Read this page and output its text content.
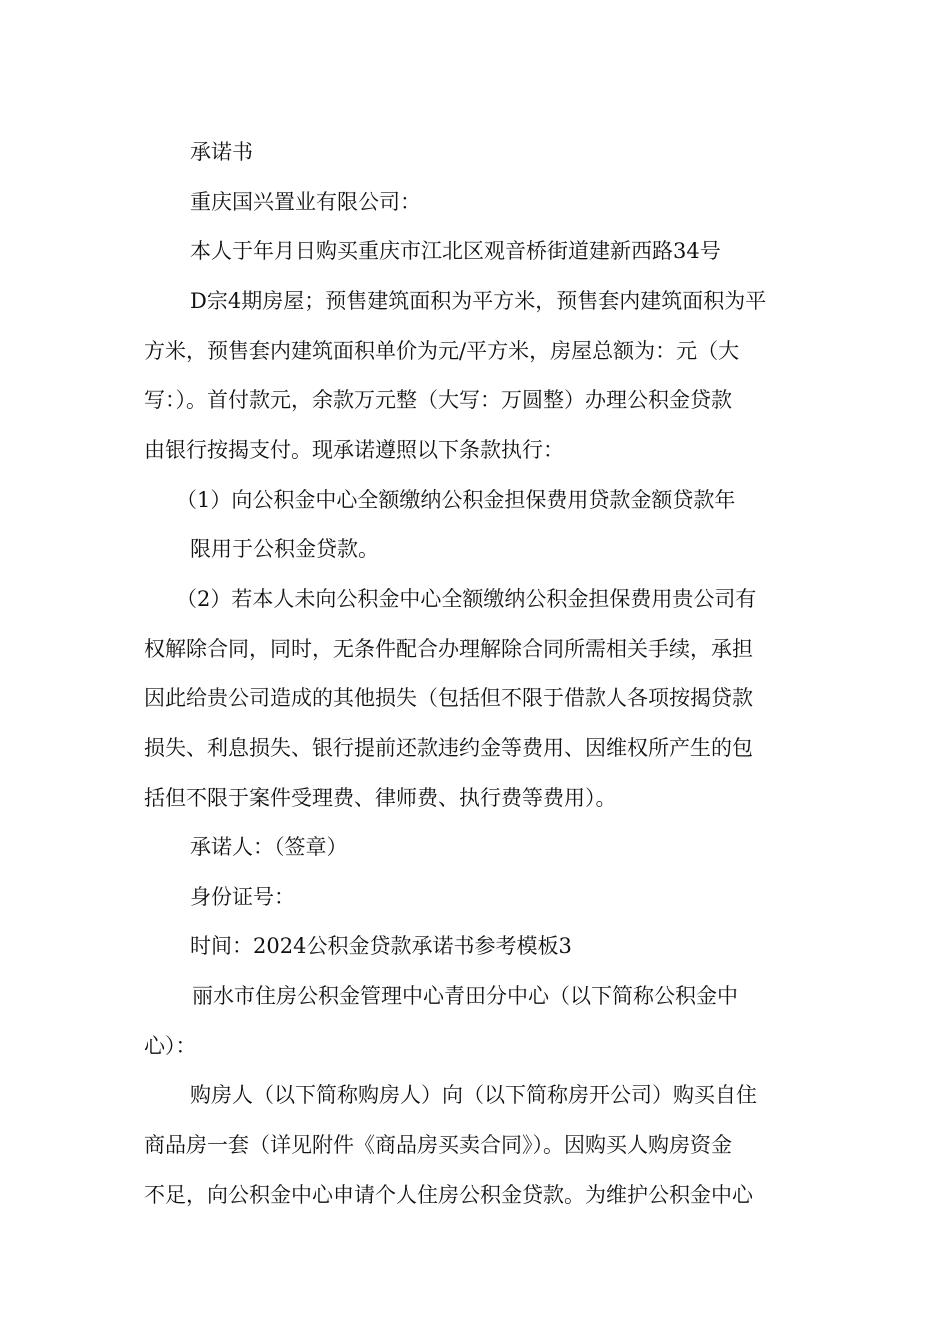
承诺书
重庆国兴置业有限公司：
本人于年月日购买重庆市江北区观音桥街道建新西路34号
D宗4期房屋；预售建筑面积为平方米，预售套内建筑面积为平
方米，预售套内建筑面积单价为元/平方米，房屋总额为：元（大
写：）。首付款元，余款万元整（大写：万圆整）办理公积金贷款
由银行按揭支付。现承诺遵照以下条款执行：
（1）向公积金中心全额缴纳公积金担保费用贷款金额贷款年
限用于公积金贷款。
（2）若本人未向公积金中心全额缴纳公积金担保费用贵公司有
权解除合同，同时，无条件配合办理解除合同所需相关手续，承担
因此给贵公司造成的其他损失（包括但不限于借款人各项按揭贷款
损失、利息损失、银行提前还款违约金等费用、因维权所产生的包
括但不限于案件受理费、律师费、执行费等费用）。
承诺人：（签章）
身份证号：
时间：2024公积金贷款承诺书参考模板3
丽水市住房公积金管理中心青田分中心（以下简称公积金中
心）：
购房人（以下简称购房人）向（以下简称房开公司）购买自住
商品房一套（详见附件《商品房买卖合同》）。因购买人购房资金
不足，向公积金中心申请个人住房公积金贷款。为维护公积金中心
